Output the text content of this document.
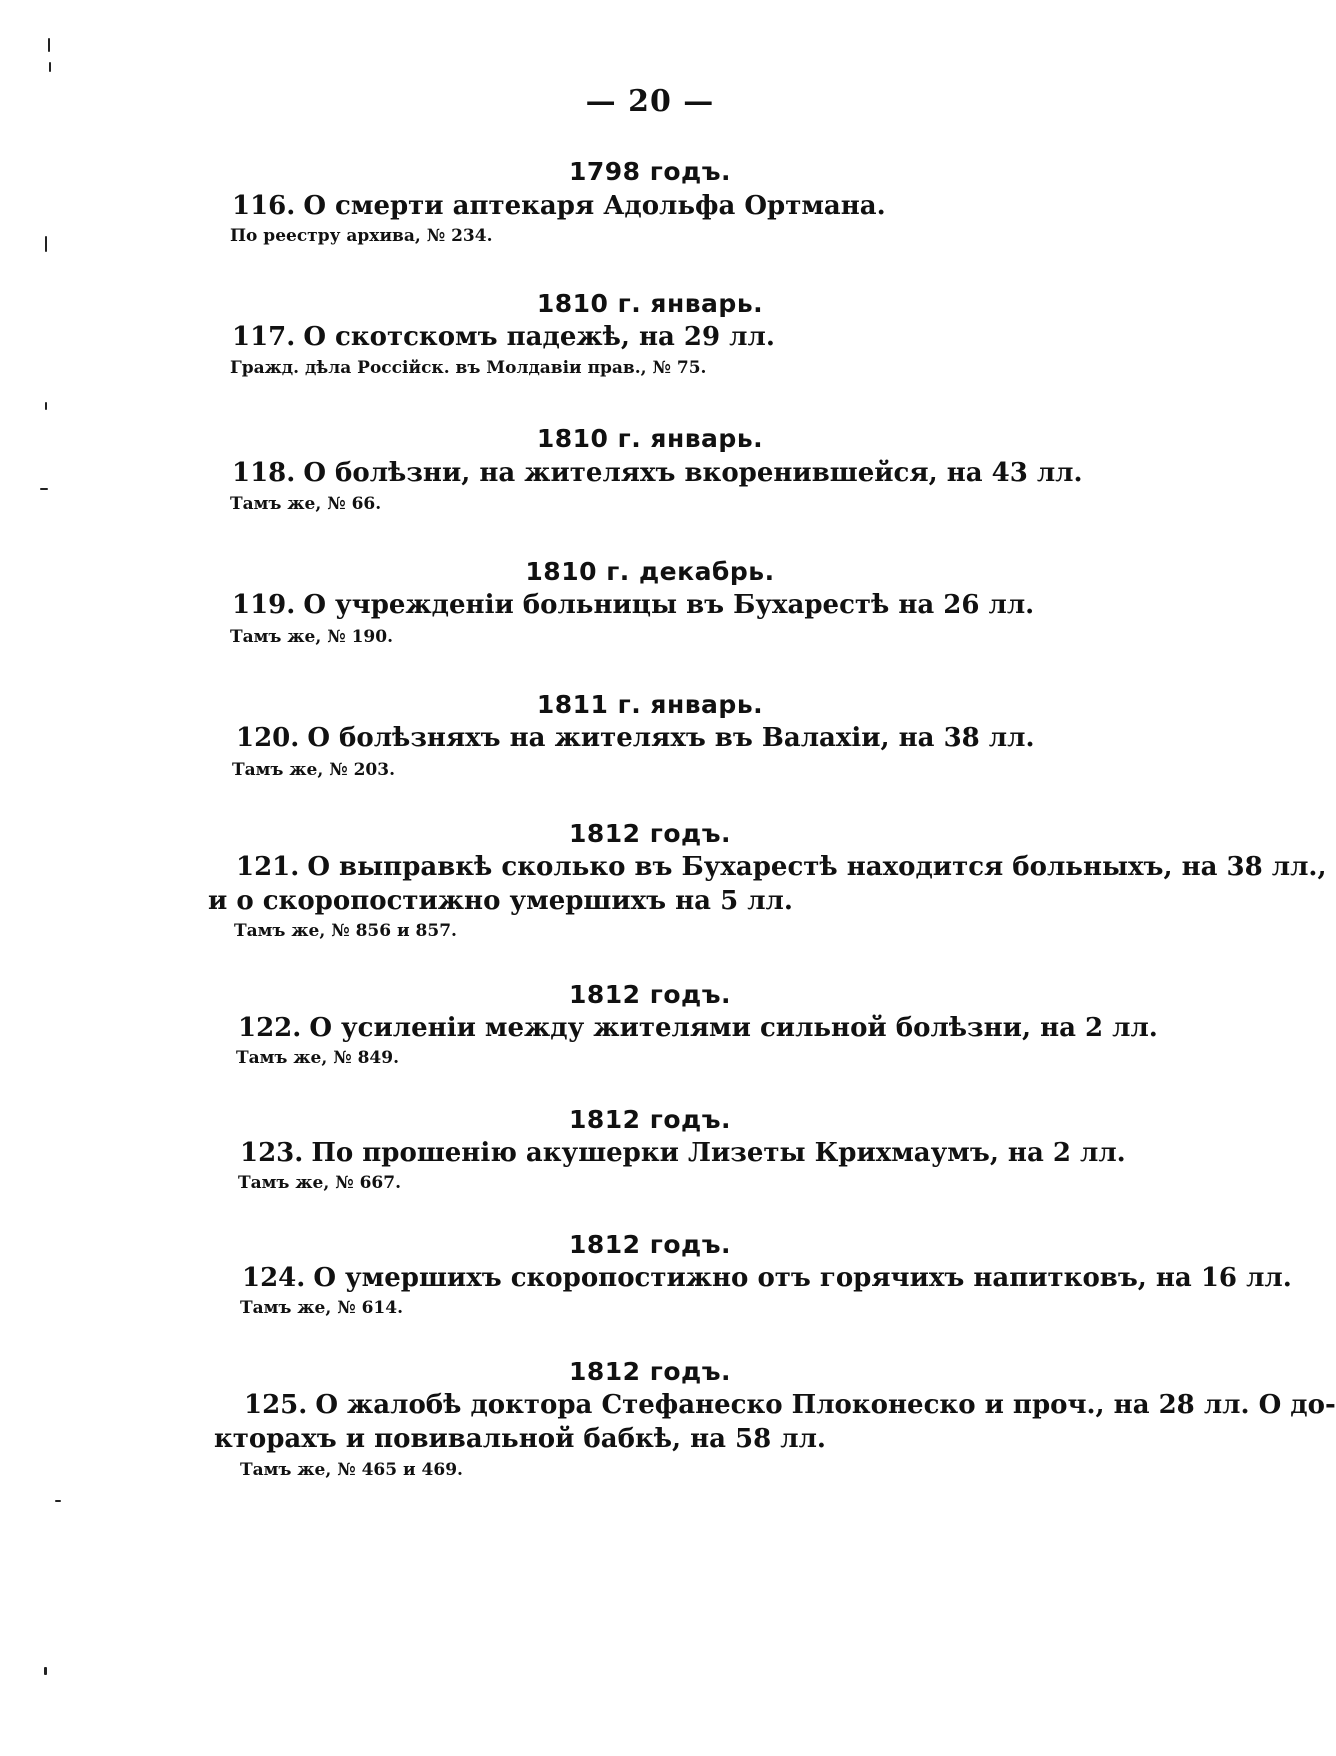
— 20 —
1798 годъ.
116. О смерти аптекаря Адольфа Ортмана.
По реестру архива, № 234.
1810 г. январь.
117. О скотскомъ падежѣ, на 29 лл.
Гражд. дѣла Россійск. въ Молдавіи прав., № 75.
1810 г. январь.
118. О болѣзни, на жителяхъ вкоренившейся, на 43 лл.
Тамъ же, № 66.
1810 г. декабрь.
119. О учрежденіи больницы въ Бухарестѣ на 26 лл.
Тамъ же, № 190.
1811 г. январь.
120. О болѣзняхъ на жителяхъ въ Валахіи, на 38 лл.
Тамъ же, № 203.
1812 годъ.
121. О выправкѣ сколько въ Бухарестѣ находится больныхъ, на 38 лл.,
и о скоропостижно умершихъ на 5 лл.
Тамъ же, № 856 и 857.
1812 годъ.
122. О усиленіи между жителями сильной болѣзни, на 2 лл.
Тамъ же, № 849.
1812 годъ.
123. По прошенію акушерки Лизеты Крихмаумъ, на 2 лл.
Тамъ же, № 667.
1812 годъ.
124. О умершихъ скоропостижно отъ горячихъ напитковъ, на 16 лл.
Тамъ же, № 614.
1812 годъ.
125. О жалобѣ доктора Стефанеско Плоконеско и проч., на 28 лл. О до-
кторахъ и повивальной бабкѣ, на 58 лл.
Тамъ же, № 465 и 469.
